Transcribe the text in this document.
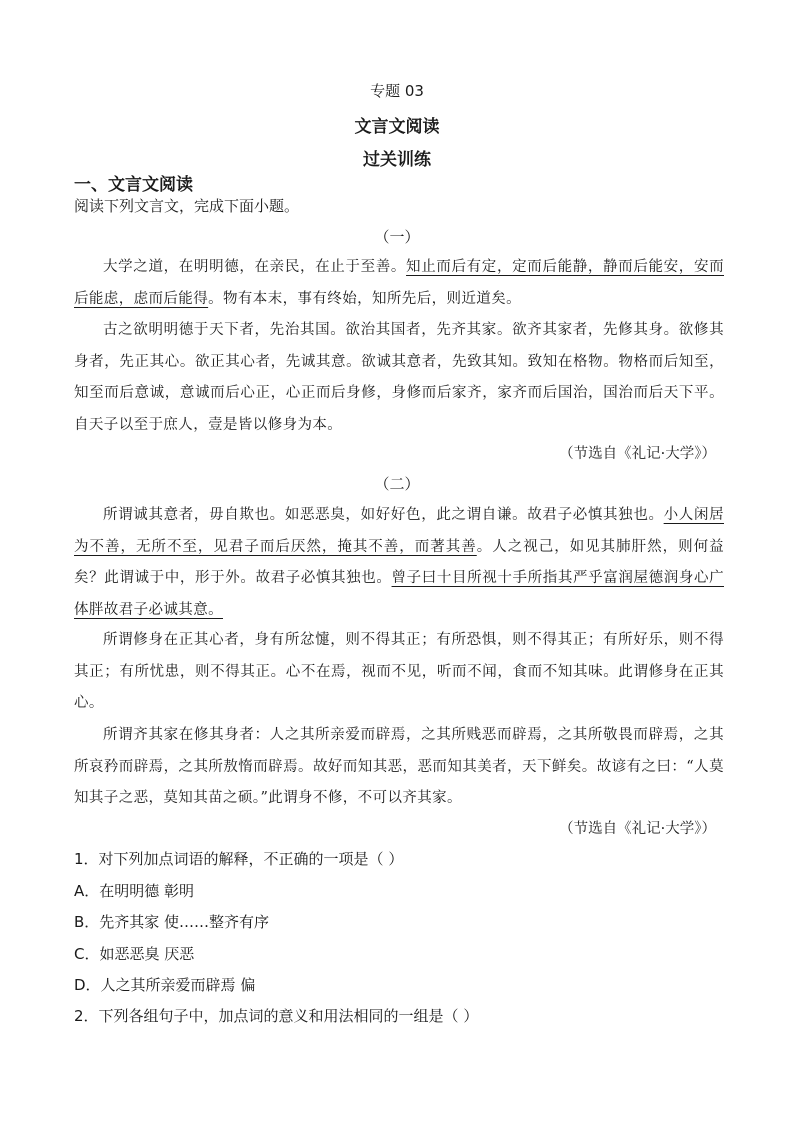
专题 03
文言文阅读
过关训练
一、文言文阅读
阅读下列文言文，完成下面小题。
（一）
大学之道，在明明德，在亲民，在止于至善。知止而后有定，定而后能静，静而后能安，安而后能虑，虑而后能得。物有本末，事有终始，知所先后，则近道矣。
古之欲明明德于天下者，先治其国。欲治其国者，先齐其家。欲齐其家者，先修其身。欲修其身者，先正其心。欲正其心者，先诚其意。欲诚其意者，先致其知。致知在格物。物格而后知至，知至而后意诚，意诚而后心正，心正而后身修，身修而后家齐，家齐而后国治，国治而后天下平。自天子以至于庶人，壹是皆以修身为本。
（节选自《礼记·大学》）
（二）
所谓诚其意者，毋自欺也。如恶恶臭，如好好色，此之谓自谦。故君子必慎其独也。小人闲居为不善，无所不至，见君子而后厌然，掩其不善，而著其善。人之视己，如见其肺肝然，则何益矣？此谓诚于中，形于外。故君子必慎其独也。曾子曰十目所视十手所指其严乎富润屋德润身心广体胖故君子必诚其意。
所谓修身在正其心者，身有所忿懥，则不得其正；有所恐惧，则不得其正；有所好乐，则不得其正；有所忧患，则不得其正。心不在焉，视而不见，听而不闻，食而不知其味。此谓修身在正其心。
所谓齐其家在修其身者：人之其所亲爱而辟焉，之其所贱恶而辟焉，之其所敬畏而辟焉，之其所哀矜而辟焉，之其所敖惰而辟焉。故好而知其恶，恶而知其美者，天下鲜矣。故谚有之曰：“人莫知其子之恶，莫知其苗之硕。”此谓身不修，不可以齐其家。
（节选自《礼记·大学》）
1．对下列加点词语的解释，不正确的一项是（ ）
A．在明明德 彰明
B．先齐其家 使……整齐有序
C．如恶恶臭 厌恶
D．人之其所亲爱而辟焉 偏
2．下列各组句子中，加点词的意义和用法相同的一组是（ ）
